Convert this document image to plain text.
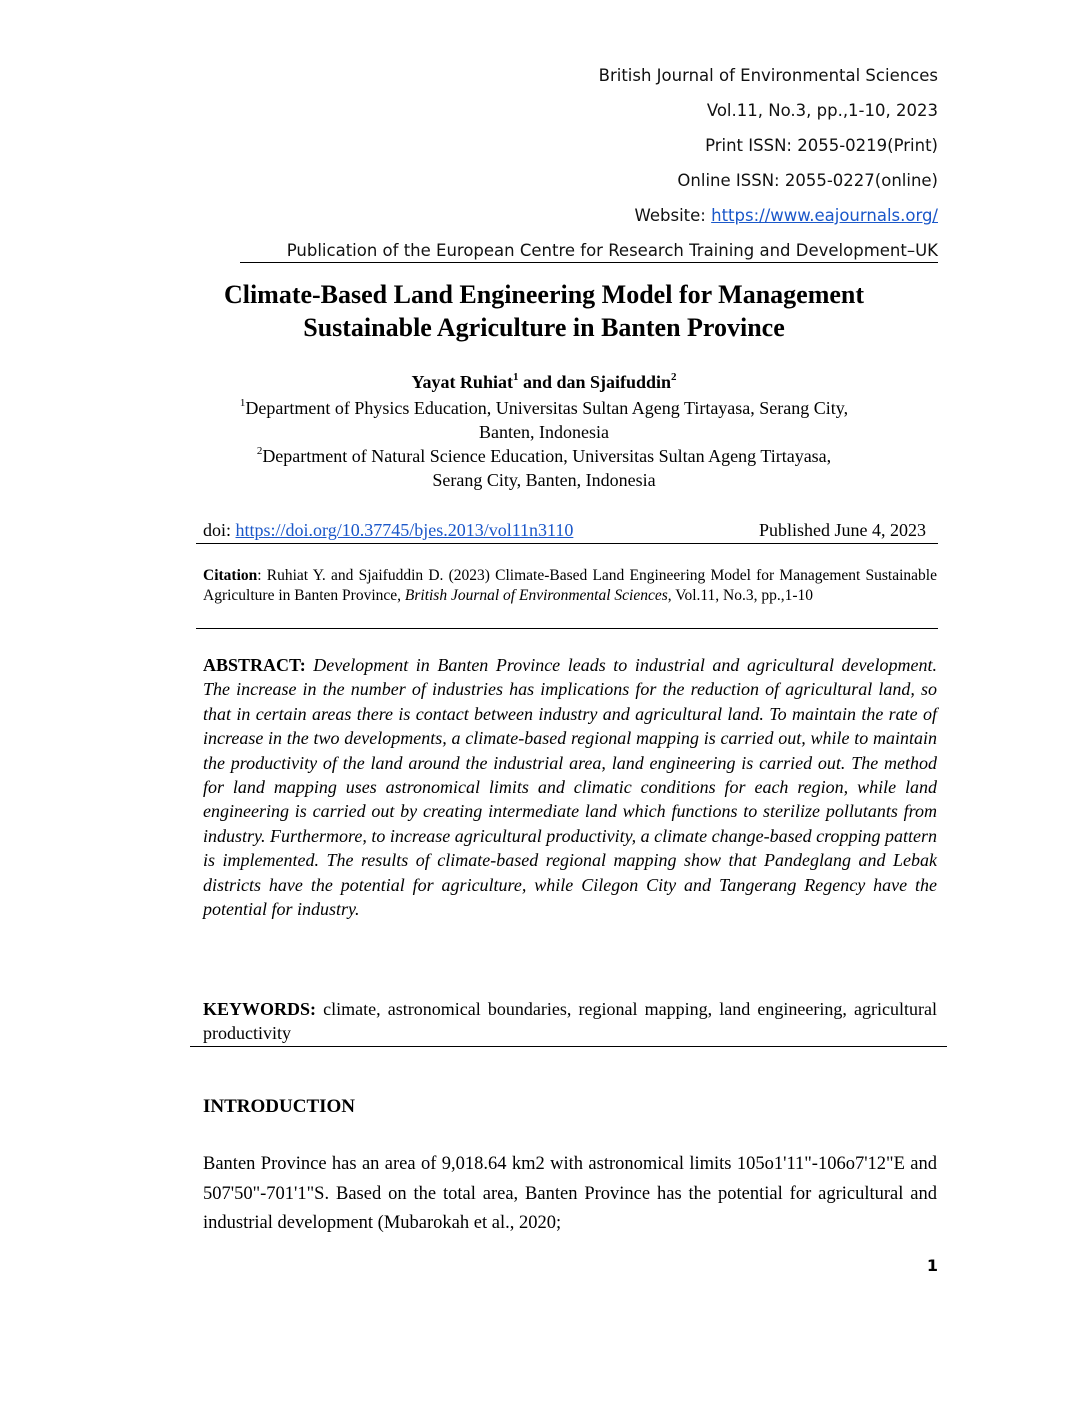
British Journal of Environmental Sciences
Vol.11, No.3, pp.,1-10, 2023
Print ISSN: 2055-0219(Print)
Online ISSN: 2055-0227(online)
Website: https://www.eajournals.org/
Publication of the European Centre for Research Training and Development–UK
Climate-Based Land Engineering Model for Management
Sustainable Agriculture in Banten Province
Yayat Ruhiat$^1$ and dan Sjaifuddin$^2$
$^1$Department of Physics Education, Universitas Sultan Ageng Tirtayasa, Serang City,
Banten, Indonesia
$^2$Department of Natural Science Education, Universitas Sultan Ageng Tirtayasa,
Serang City, Banten, Indonesia
doi: https://doi.org/10.37745/bjes.2013/vol11n3110	Published June 4, 2023
Citation: Ruhiat Y. and Sjaifuddin D. (2023) Climate-Based Land Engineering Model for Management Sustainable Agriculture in Banten Province, British Journal of Environmental Sciences, Vol.11, No.3, pp.,1-10
ABSTRACT: Development in Banten Province leads to industrial and agricultural development. The increase in the number of industries has implications for the reduction of agricultural land, so that in certain areas there is contact between industry and agricultural land. To maintain the rate of increase in the two developments, a climate-based regional mapping is carried out, while to maintain the productivity of the land around the industrial area, land engineering is carried out. The method for land mapping uses astronomical limits and climatic conditions for each region, while land engineering is carried out by creating intermediate land which functions to sterilize pollutants from industry. Furthermore, to increase agricultural productivity, a climate change-based cropping pattern is implemented. The results of climate-based regional mapping show that Pandeglang and Lebak districts have the potential for agriculture, while Cilegon City and Tangerang Regency have the potential for industry.
KEYWORDS: climate, astronomical boundaries, regional mapping, land engineering, agricultural productivity
INTRODUCTION
Banten Province has an area of 9,018.64 km2 with astronomical limits 105o1'11"-106o7'12"E and 507'50"-701'1"S. Based on the total area, Banten Province has the potential for agricultural and industrial development (Mubarokah et al., 2020;
1
